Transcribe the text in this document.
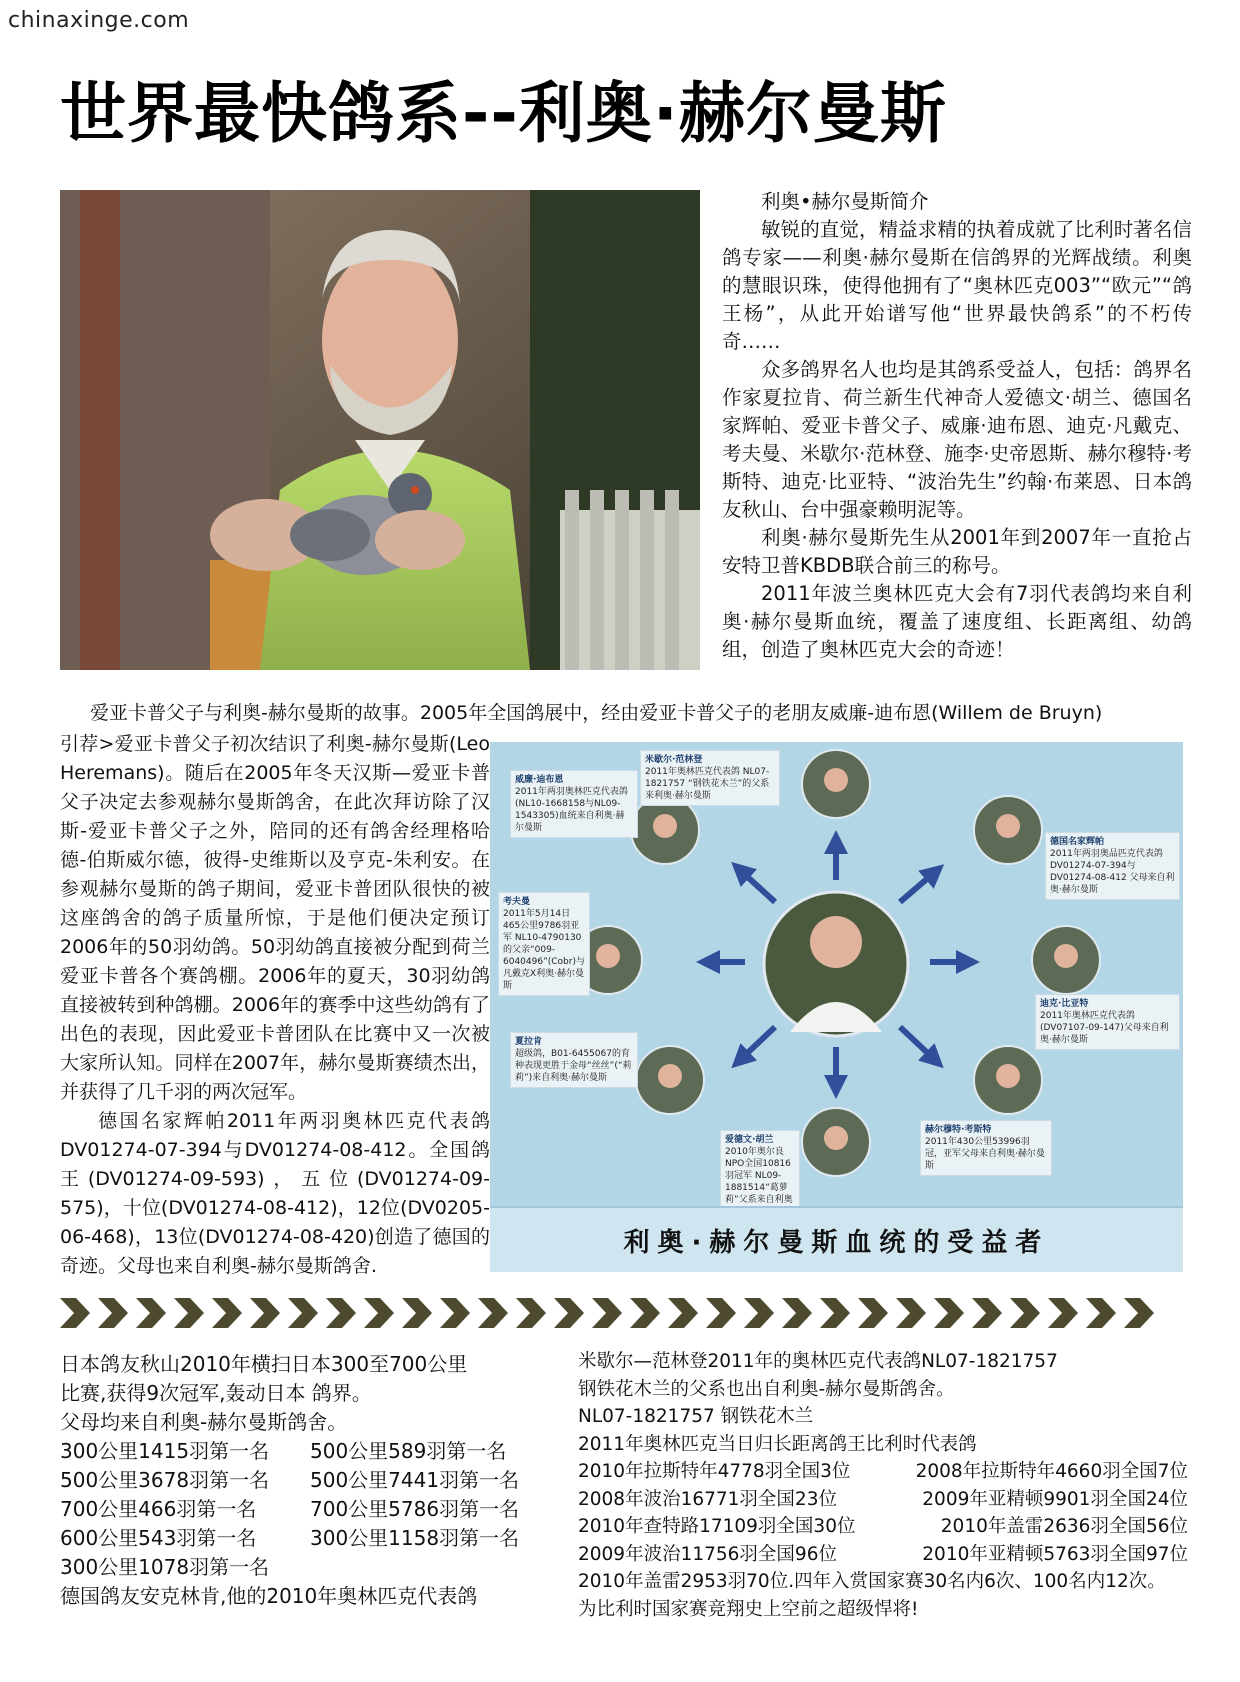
chinaxinge.com
世界最快鸽系--利奥·赫尔曼斯

利奥•赫尔曼斯简介

敏锐的直觉，精益求精的执着成就了比利时著名信鸽专家——利奥·赫尔曼斯在信鸽界的光辉战绩。利奥的慧眼识珠，使得他拥有了“奥林匹克003”“欧元”“鸽王杨”，从此开始谱写他“世界最快鸽系”的不朽传奇……

众多鸽界名人也均是其鸽系受益人，包括：鸽界名作家夏拉肯、荷兰新生代神奇人爱德文·胡兰、德国名家辉帕、爱亚卡普父子、威廉·迪布恩、迪克·凡戴克、考夫曼、米歇尔·范林登、施李·史帝恩斯、赫尔穆特·考斯特、迪克·比亚特、“波治先生”约翰·布莱恩、日本鸽友秋山、台中强豪赖明泥等。

利奥·赫尔曼斯先生从2001年到2007年一直抢占安特卫普KBDB联合前三的称号。

2011年波兰奥林匹克大会有7羽代表鸽均来自利奥·赫尔曼斯血统，覆盖了速度组、长距离组、幼鸽组，创造了奥林匹克大会的奇迹！

爱亚卡普父子与利奥-赫尔曼斯的故事。2005年全国鸽展中，经由爱亚卡普父子的老朋友威廉-迪布恩(Willem de Bruyn)

引荐>爱亚卡普父子初次结识了利奥-赫尔曼斯(Leo Heremans)。随后在2005年冬天汉斯—爱亚卡普父子决定去参观赫尔曼斯鸽舍，在此次拜访除了汉斯-爱亚卡普父子之外，陪同的还有鸽舍经理格哈德-伯斯威尔德，彼得-史维斯以及亨克-朱利安。在参观赫尔曼斯的鸽子期间，爱亚卡普团队很快的被这座鸽舍的鸽子质量所惊，于是他们便决定预订2006年的50羽幼鸽。50羽幼鸽直接被分配到荷兰爱亚卡普各个赛鸽棚。2006年的夏天，30羽幼鸽直接被转到种鸽棚。2006年的赛季中这些幼鸽有了出色的表现，因此爱亚卡普团队在比赛中又一次被大家所认知。同样在2007年，赫尔曼斯赛绩杰出，并获得了几千羽的两次冠军。

德国名家辉帕2011年两羽奥林匹克代表鸽DV01274-07-394与DV01274-08-412。全国鸽王(DV01274-09-593)，五位(DV01274-09-575)，十位(DV01274-08-412)，12位(DV0205-06-468)，13位(DV01274-08-420)创造了德国的奇迹。父母也来自利奥-赫尔曼斯鸽舍.

米歇尔·范林登
2011年奥林匹克代表鸽 NL07-1821757 “钢铁花木兰”的父系来利奥·赫尔曼斯
德国名家辉帕
2011年两羽奥品匹克代表鸽 DV01274-07-394与DV01274-08-412 父母来自利奥·赫尔曼斯
迪克·比亚特
2011年奥林匹克代表鸽 (DV07107-09-147)父母来自利奥·赫尔曼斯
赫尔穆特·考斯特
2011年430公里53996羽冠，亚军父母来自利奥·赫尔曼斯
爱德文·胡兰
2010年奥尔良NPO全国10816羽冠军 NL09-1881514“葛萝莉”父系来自利奥
夏拉肯
超级鸽，B01-6455067的育种表现更胜于金母“丝丝”(“莉莉”)来自利奥·赫尔曼斯
考夫曼
2011年5月14日465公里9786羽亚军 NL10-4790130的父亲“009-6040496”(Cobr)与凡戴克X利奥·赫尔曼斯
威廉·迪布恩
2011年两羽奥林匹克代表鸽(NL10-1668158与NL09-1543305)血统来自利奥·赫尔曼斯
利奥·赫尔曼斯血统的受益者

日本鸽友秋山2010年横扫日本300至700公里

比赛,获得9次冠军,轰动日本 鸽界。

父母均来自利奥-赫尔曼斯鸽舍。

300公里1415羽第一名	500公里589羽第一名
500公里3678羽第一名	500公里7441羽第一名
700公里466羽第一名	700公里5786羽第一名
600公里543羽第一名	300公里1158羽第一名
300公里1078羽第一名

德国鸽友安克林肯,他的2010年奥林匹克代表鸽

米歇尔—范林登2011年的奥林匹克代表鸽NL07-1821757

钢铁花木兰的父系也出自利奥-赫尔曼斯鸽舍。

NL07-1821757 钢铁花木兰

2011年奥林匹克当日归长距离鸽王比利时代表鸽

2010年拉斯特年4778羽全国3位	2008年拉斯特年4660羽全国7位
2008年波治16771羽全国23位	2009年亚精顿9901羽全国24位
2010年查特路17109羽全国30位	2010年盖雷2636羽全国56位
2009年波治11756羽全国96位	2010年亚精顿5763羽全国97位

2010年盖雷2953羽70位.四年入赏国家赛30名内6次、100名内12次。

为比利时国家赛竞翔史上空前之超级悍将!
